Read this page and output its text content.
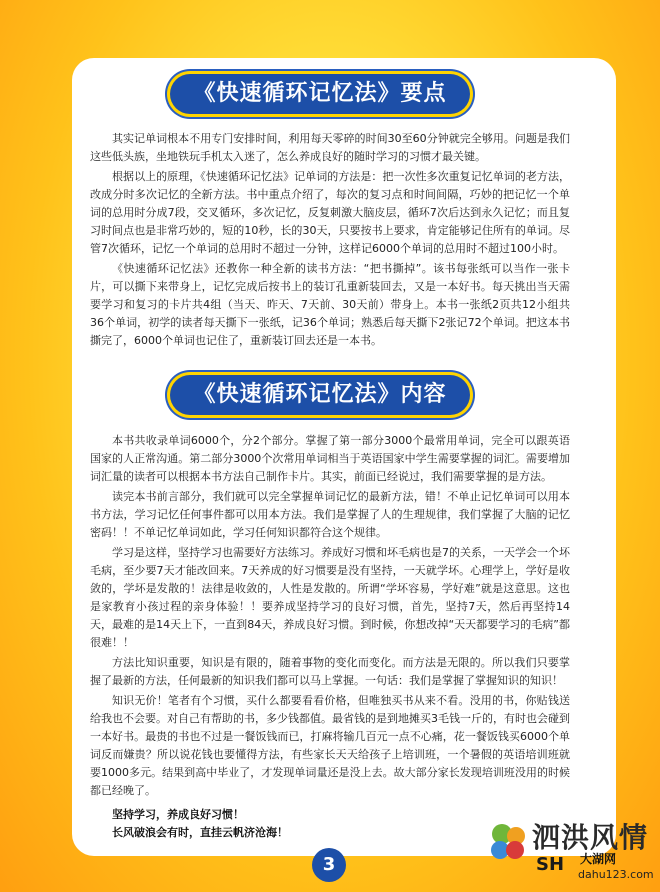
《快速循环记忆法》要点

其实记单词根本不用专门安排时间，利用每天零碎的时间30至60分钟就完全够用。问题是我们这些低头族，坐地铁玩手机太入迷了，怎么养成良好的随时学习的习惯才最关键。

根据以上的原理，《快速循环记忆法》记单词的方法是：把一次性多次重复记忆单词的老方法，改成分时多次记忆的全新方法。书中重点介绍了，每次的复习点和时间间隔，巧妙的把记忆一个单词的总用时分成7段，交叉循环，多次记忆，反复刺激大脑皮层，循环7次后达到永久记忆；而且复习时间点也是非常巧妙的，短的10秒，长的30天，只要按书上要求，肯定能够记住所有的单词。尽管7次循环，记忆一个单词的总用时不超过一分钟，这样记6000个单词的总用时不超过100小时。

《快速循环记忆法》还教你一种全新的读书方法：“把书撕掉”。该书每张纸可以当作一张卡片，可以撕下来带身上，记忆完成后按书上的装订孔重新装回去，又是一本好书。每天挑出当天需要学习和复习的卡片共4组（当天、昨天、7天前、30天前）带身上。本书一张纸2页共12小组共36个单词，初学的读者每天撕下一张纸，记36个单词；熟悉后每天撕下2张记72个单词。把这本书撕完了，6000个单词也记住了，重新装订回去还是一本书。

《快速循环记忆法》内容

本书共收录单词6000个，分2个部分。掌握了第一部分3000个最常用单词，完全可以跟英语国家的人正常沟通。第二部分3000个次常用单词相当于英语国家中学生需要掌握的词汇。需要增加词汇量的读者可以根据本书方法自己制作卡片。其实，前面已经说过，我们需要掌握的是方法。

读完本书前言部分，我们就可以完全掌握单词记忆的最新方法，错！不单止记忆单词可以用本书方法，学习记忆任何事件都可以用本方法。我们是掌握了人的生理规律，我们掌握了大脑的记忆密码！！不单记忆单词如此，学习任何知识都符合这个规律。

学习是这样，坚持学习也需要好方法练习。养成好习惯和坏毛病也是7的关系，一天学会一个坏毛病，至少要7天才能改回来。7天养成的好习惯要是没有坚持，一天就学坏。心理学上，学好是收敛的，学坏是发散的！法律是收敛的，人性是发散的。所谓“学坏容易，学好难”就是这意思。这也是家教育小孩过程的亲身体验！！要养成坚持学习的良好习惯，首先，坚持7天，然后再坚持14天，最难的是14天上下，一直到84天，养成良好习惯。到时候，你想改掉“天天都要学习的毛病”都很难！！

方法比知识重要，知识是有限的，随着事物的变化而变化。而方法是无限的。所以我们只要掌握了最新的方法，任何最新的知识我们都可以马上掌握。一句话：我们是掌握了掌握知识的知识！

知识无价！笔者有个习惯，买什么都要看看价格，但唯独买书从来不看。没用的书，你贴钱送给我也不会要。对自己有帮助的书，多少钱都值。最省钱的是到地摊买3毛钱一斤的，有时也会碰到一本好书。最贵的书也不过是一餐饭钱而已，打麻将输几百元一点不心痛，花一餐饭钱买6000个单词反而嫌贵？所以说花钱也要懂得方法，有些家长天天给孩子上培训班，一个暑假的英语培训班就要1000多元。结果到高中毕业了，才发现单词量还是没上去。故大部分家长发现培训班没用的时候都已经晚了。

坚持学习，养成良好习惯！
长风破浪会有时，直挂云帆济沧海！
3
泗洪风情
SH 大湖网
dahu123.com
